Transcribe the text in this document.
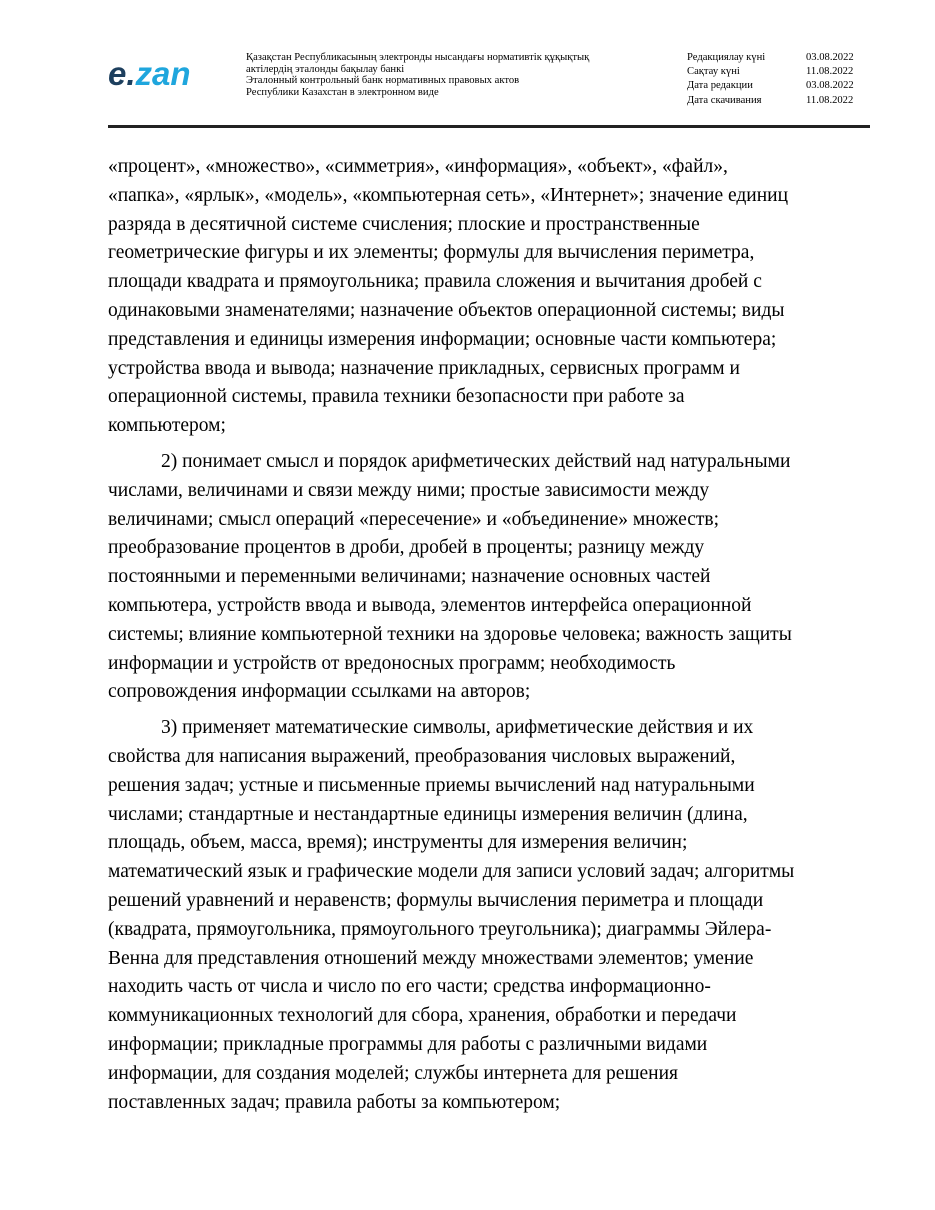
e.zan	Қазақстан Республикасының электронды нысандағы нормативтік құқықтық
актілердің эталонды бақылау банкі
Эталонный контрольный банк нормативных правовых актов
Республики Казахстан в электронном виде
Редакциялау күні	03.08.2022
Сақтау күні	11.08.2022
Дата редакции	03.08.2022
Дата скачивания	11.08.2022
«процент», «множество», «симметрия», «информация», «объект», «файл»,
«папка», «ярлык», «модель», «компьютерная сеть», «Интернет»; значение единиц
разряда в десятичной системе счисления; плоские и пространственные
геометрические фигуры и их элементы; формулы для вычисления периметра,
площади квадрата и прямоугольника; правила сложения и вычитания дробей с
одинаковыми знаменателями; назначение объектов операционной системы; виды
представления и единицы измерения информации; основные части компьютера;
устройства ввода и вывода; назначение прикладных, сервисных программ и
операционной системы, правила техники безопасности при работе за
компьютером;
2) понимает смысл и порядок арифметических действий над натуральными
числами, величинами и связи между ними; простые зависимости между
величинами; смысл операций «пересечение» и «объединение» множеств;
преобразование процентов в дроби, дробей в проценты; разницу между
постоянными и переменными величинами; назначение основных частей
компьютера, устройств ввода и вывода, элементов интерфейса операционной
системы; влияние компьютерной техники на здоровье человека; важность защиты
информации и устройств от вредоносных программ; необходимость
сопровождения информации ссылками на авторов;
3) применяет математические символы, арифметические действия и их
свойства для написания выражений, преобразования числовых выражений,
решения задач; устные и письменные приемы вычислений над натуральными
числами; стандартные и нестандартные единицы измерения величин (длина,
площадь, объем, масса, время); инструменты для измерения величин;
математический язык и графические модели для записи условий задач; алгоритмы
решений уравнений и неравенств; формулы вычисления периметра и площади
(квадрата, прямоугольника, прямоугольного треугольника); диаграммы Эйлера-
Венна для представления отношений между множествами элементов; умение
находить часть от числа и число по его части; средства информационно-
коммуникационных технологий для сбора, хранения, обработки и передачи
информации; прикладные программы для работы с различными видами
информации, для создания моделей; службы интернета для решения
поставленных задач; правила работы за компьютером;
